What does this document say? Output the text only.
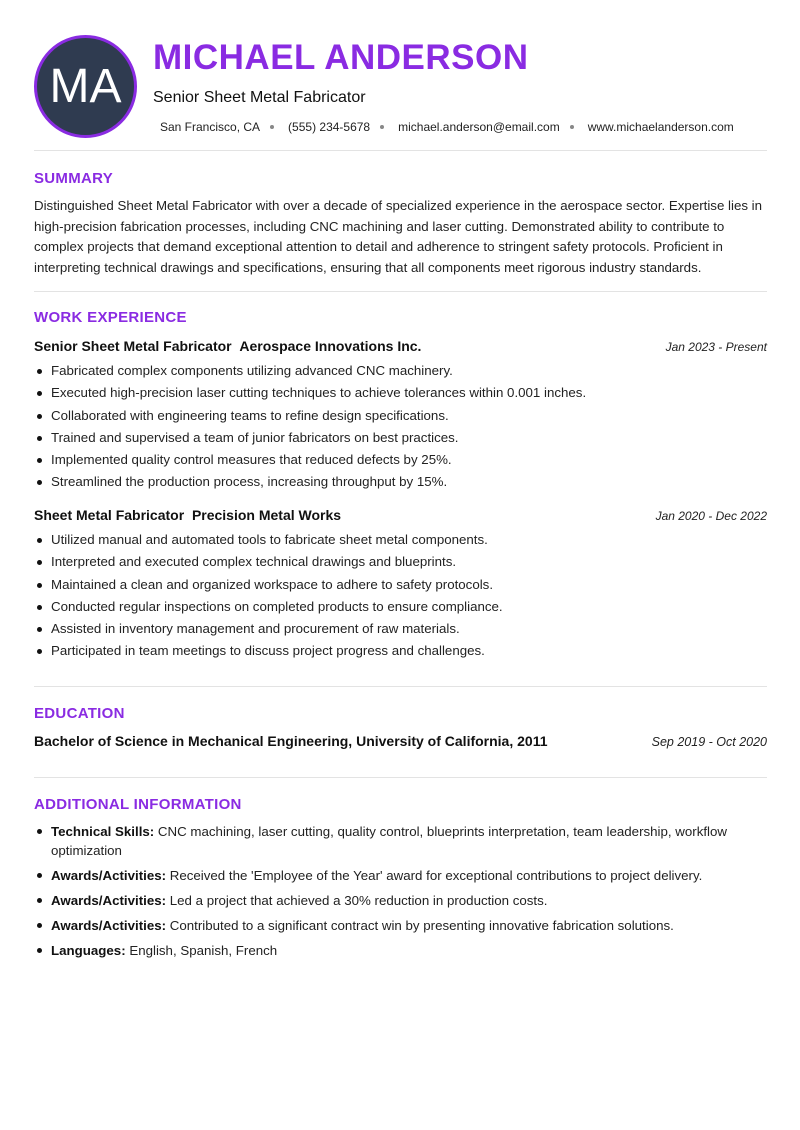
MA
MICHAEL ANDERSON
Senior Sheet Metal Fabricator
San Francisco, CA (555) 234-5678 michael.anderson@email.com www.michaelanderson.com
SUMMARY

Distinguished Sheet Metal Fabricator with over a decade of specialized experience in the aerospace sector. Expertise lies in high-precision fabrication processes, including CNC machining and laser cutting. Demonstrated ability to contribute to complex projects that demand exceptional attention to detail and adherence to stringent safety protocols. Proficient in interpreting technical drawings and specifications, ensuring that all components meet rigorous industry standards.

WORK EXPERIENCE
Senior Sheet Metal Fabricator Aerospace Innovations Inc.	Jan 2023 - Present
Fabricated complex components utilizing advanced CNC machinery.
Executed high-precision laser cutting techniques to achieve tolerances within 0.001 inches.
Collaborated with engineering teams to refine design specifications.
Trained and supervised a team of junior fabricators on best practices.
Implemented quality control measures that reduced defects by 25%.
Streamlined the production process, increasing throughput by 15%.
Sheet Metal Fabricator Precision Metal Works	Jan 2020 - Dec 2022
Utilized manual and automated tools to fabricate sheet metal components.
Interpreted and executed complex technical drawings and blueprints.
Maintained a clean and organized workspace to adhere to safety protocols.
Conducted regular inspections on completed products to ensure compliance.
Assisted in inventory management and procurement of raw materials.
Participated in team meetings to discuss project progress and challenges.
EDUCATION
Bachelor of Science in Mechanical Engineering, University of California, 2011	Sep 2019 - Oct 2020
ADDITIONAL INFORMATION
Technical Skills: CNC machining, laser cutting, quality control, blueprints interpretation, team leadership, workflow optimization
Awards/Activities: Received the 'Employee of the Year' award for exceptional contributions to project delivery.
Awards/Activities: Led a project that achieved a 30% reduction in production costs.
Awards/Activities: Contributed to a significant contract win by presenting innovative fabrication solutions.
Languages: English, Spanish, French
